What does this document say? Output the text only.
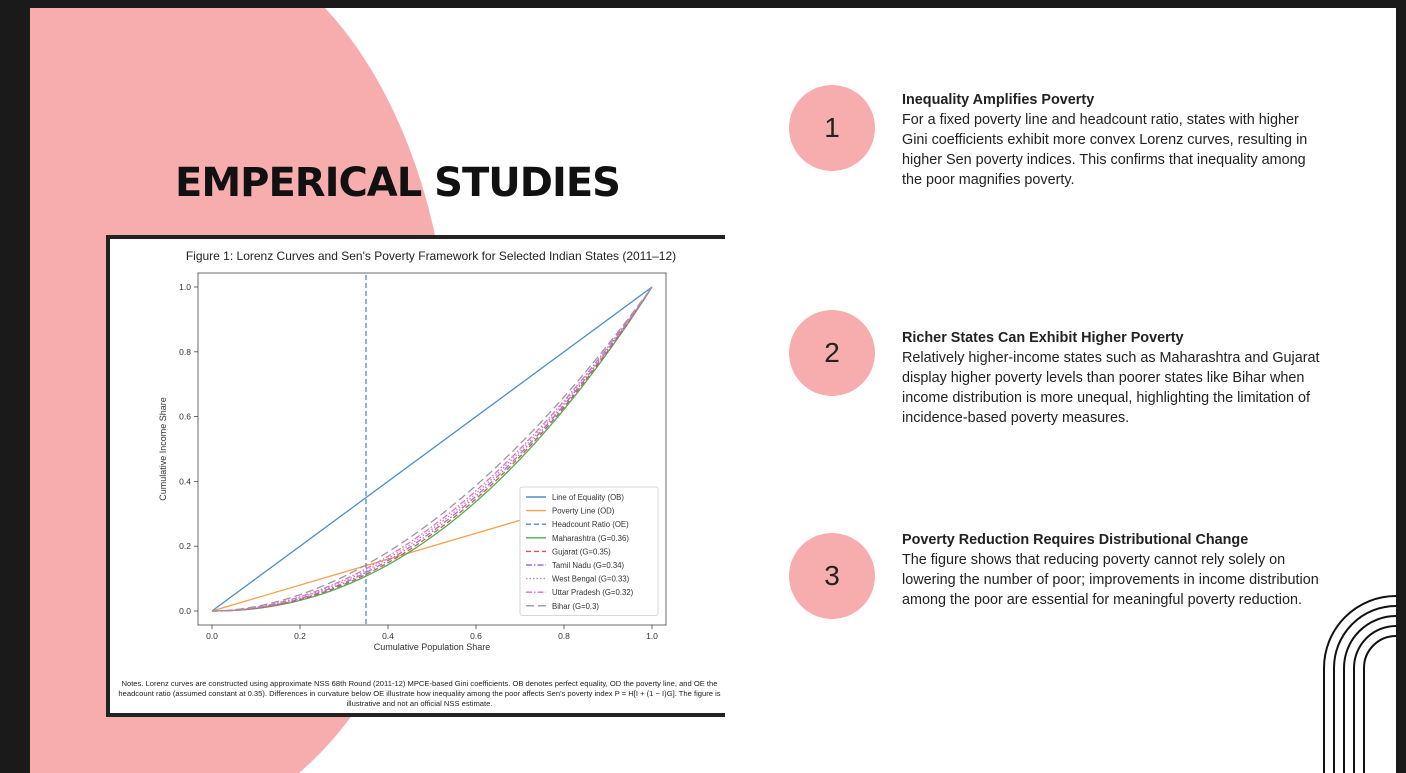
EMPERICAL STUDIES
Figure 1: Lorenz Curves and Sen's Poverty Framework for Selected Indian States (2011–12)
0.0	0.2	0.4	0.6	0.8	1.0
0.0
0.2
0.4
0.6
0.8
1.0
Cumulative Population Share
Cumulative Income Share	Line of Equality (OB)
Poverty Line (OD)
Headcount Ratio (OE)
Maharashtra (G=0.36)
Gujarat (G=0.35)
Tamil Nadu (G=0.34)
West Bengal (G=0.33)
Uttar Pradesh (G=0.32)
Bihar (G=0.3)
Notes. Lorenz curves are constructed using approximate NSS 68th Round (2011-12) MPCE-based Gini coefficients. OB denotes perfect equality, OD the poverty line, and OE the headcount ratio (assumed constant at 0.35). Differences in curvature below OE illustrate how inequality among the poor affects Sen's poverty index P = H[I + (1 − I)G]. The figure is illustrative and not an official NSS estimate.
1
Inequality Amplifies Poverty

For a fixed poverty line and headcount ratio, states with higher Gini coefficients exhibit more convex Lorenz curves, resulting in higher Sen poverty indices. This confirms that inequality among the poor magnifies poverty.

2	Richer States Can Exhibit Higher Poverty

Relatively higher-income states such as Maharashtra and Gujarat display higher poverty levels than poorer states like Bihar when income distribution is more unequal, highlighting the limitation of incidence-based poverty measures.

3
Poverty Reduction Requires Distributional Change

The figure shows that reducing poverty cannot rely solely on lowering the number of poor; improvements in income distribution among the poor are essential for meaningful poverty reduction.
